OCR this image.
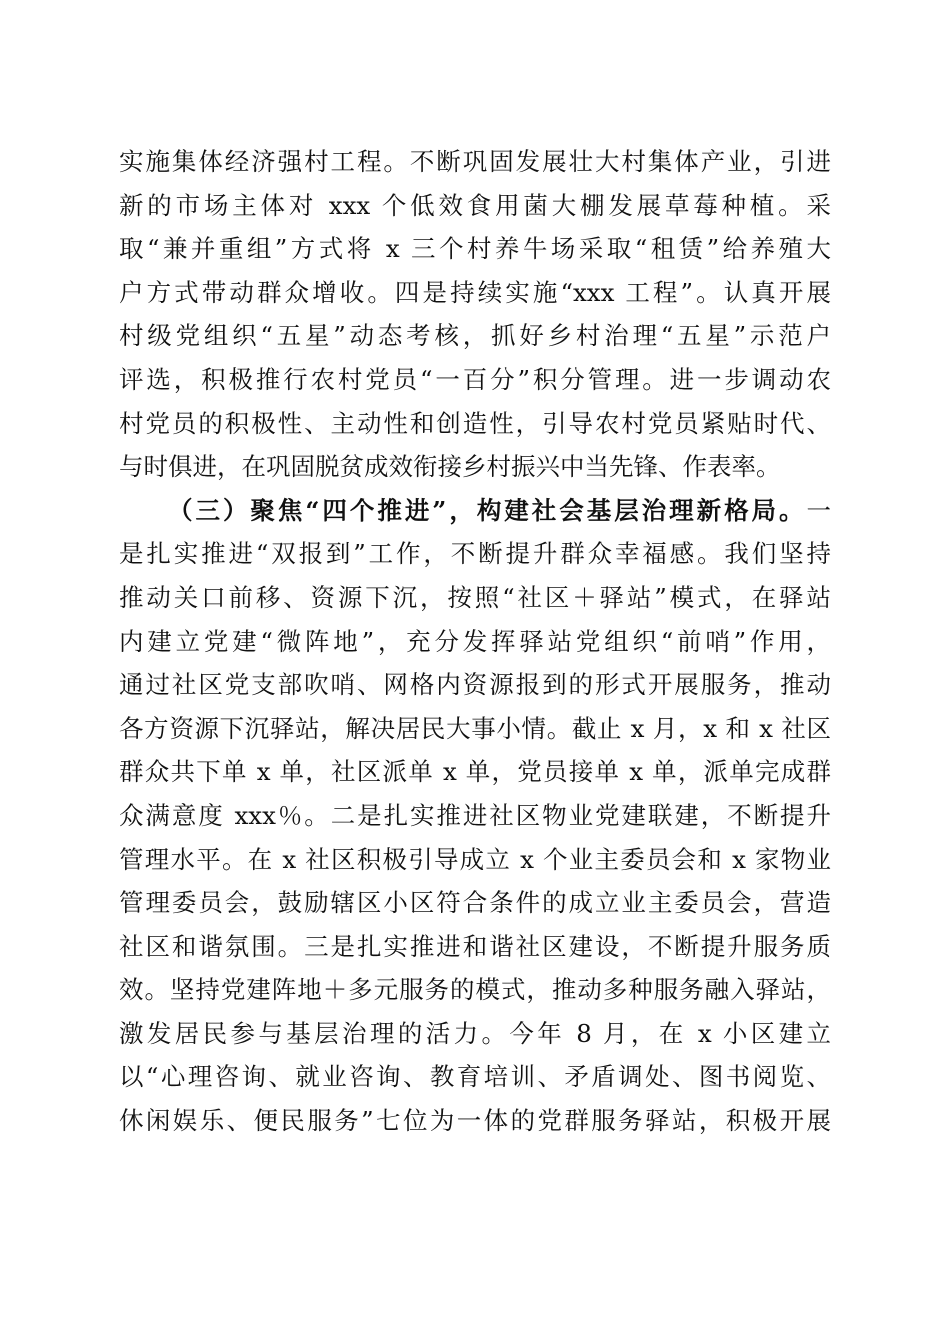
实施集体经济强村工程。不断巩固发展壮大村集体产业，引进
新的市场主体对 xxx 个低效食用菌大棚发展草莓种植。采
取“兼并重组”方式将 x 三个村养牛场采取“租赁”给养殖大
户方式带动群众增收。四是持续实施“xxx 工程”。认真开展
村级党组织“五星”动态考核，抓好乡村治理“五星”示范户
评选，积极推行农村党员“一百分”积分管理。进一步调动农
村党员的积极性、主动性和创造性，引导农村党员紧贴时代、
与时俱进，在巩固脱贫成效衔接乡村振兴中当先锋、作表率。
（三）聚焦“四个推进”，构建社会基层治理新格局。一
是扎实推进“双报到”工作，不断提升群众幸福感。我们坚持
推动关口前移、资源下沉，按照“社区＋驿站”模式，在驿站
内建立党建“微阵地”，充分发挥驿站党组织“前哨”作用，
通过社区党支部吹哨、网格内资源报到的形式开展服务，推动
各方资源下沉驿站，解决居民大事小情。截止 x 月，x 和 x 社区
群众共下单 x 单，社区派单 x 单，党员接单 x 单，派单完成群
众满意度 xxx％。二是扎实推进社区物业党建联建，不断提升
管理水平。在 x 社区积极引导成立 x 个业主委员会和 x 家物业
管理委员会，鼓励辖区小区符合条件的成立业主委员会，营造
社区和谐氛围。三是扎实推进和谐社区建设，不断提升服务质
效。坚持党建阵地＋多元服务的模式，推动多种服务融入驿站，
激发居民参与基层治理的活力。今年 8 月，在 x 小区建立
以“心理咨询、就业咨询、教育培训、矛盾调处、图书阅览、
休闲娱乐、便民服务”七位为一体的党群服务驿站，积极开展
